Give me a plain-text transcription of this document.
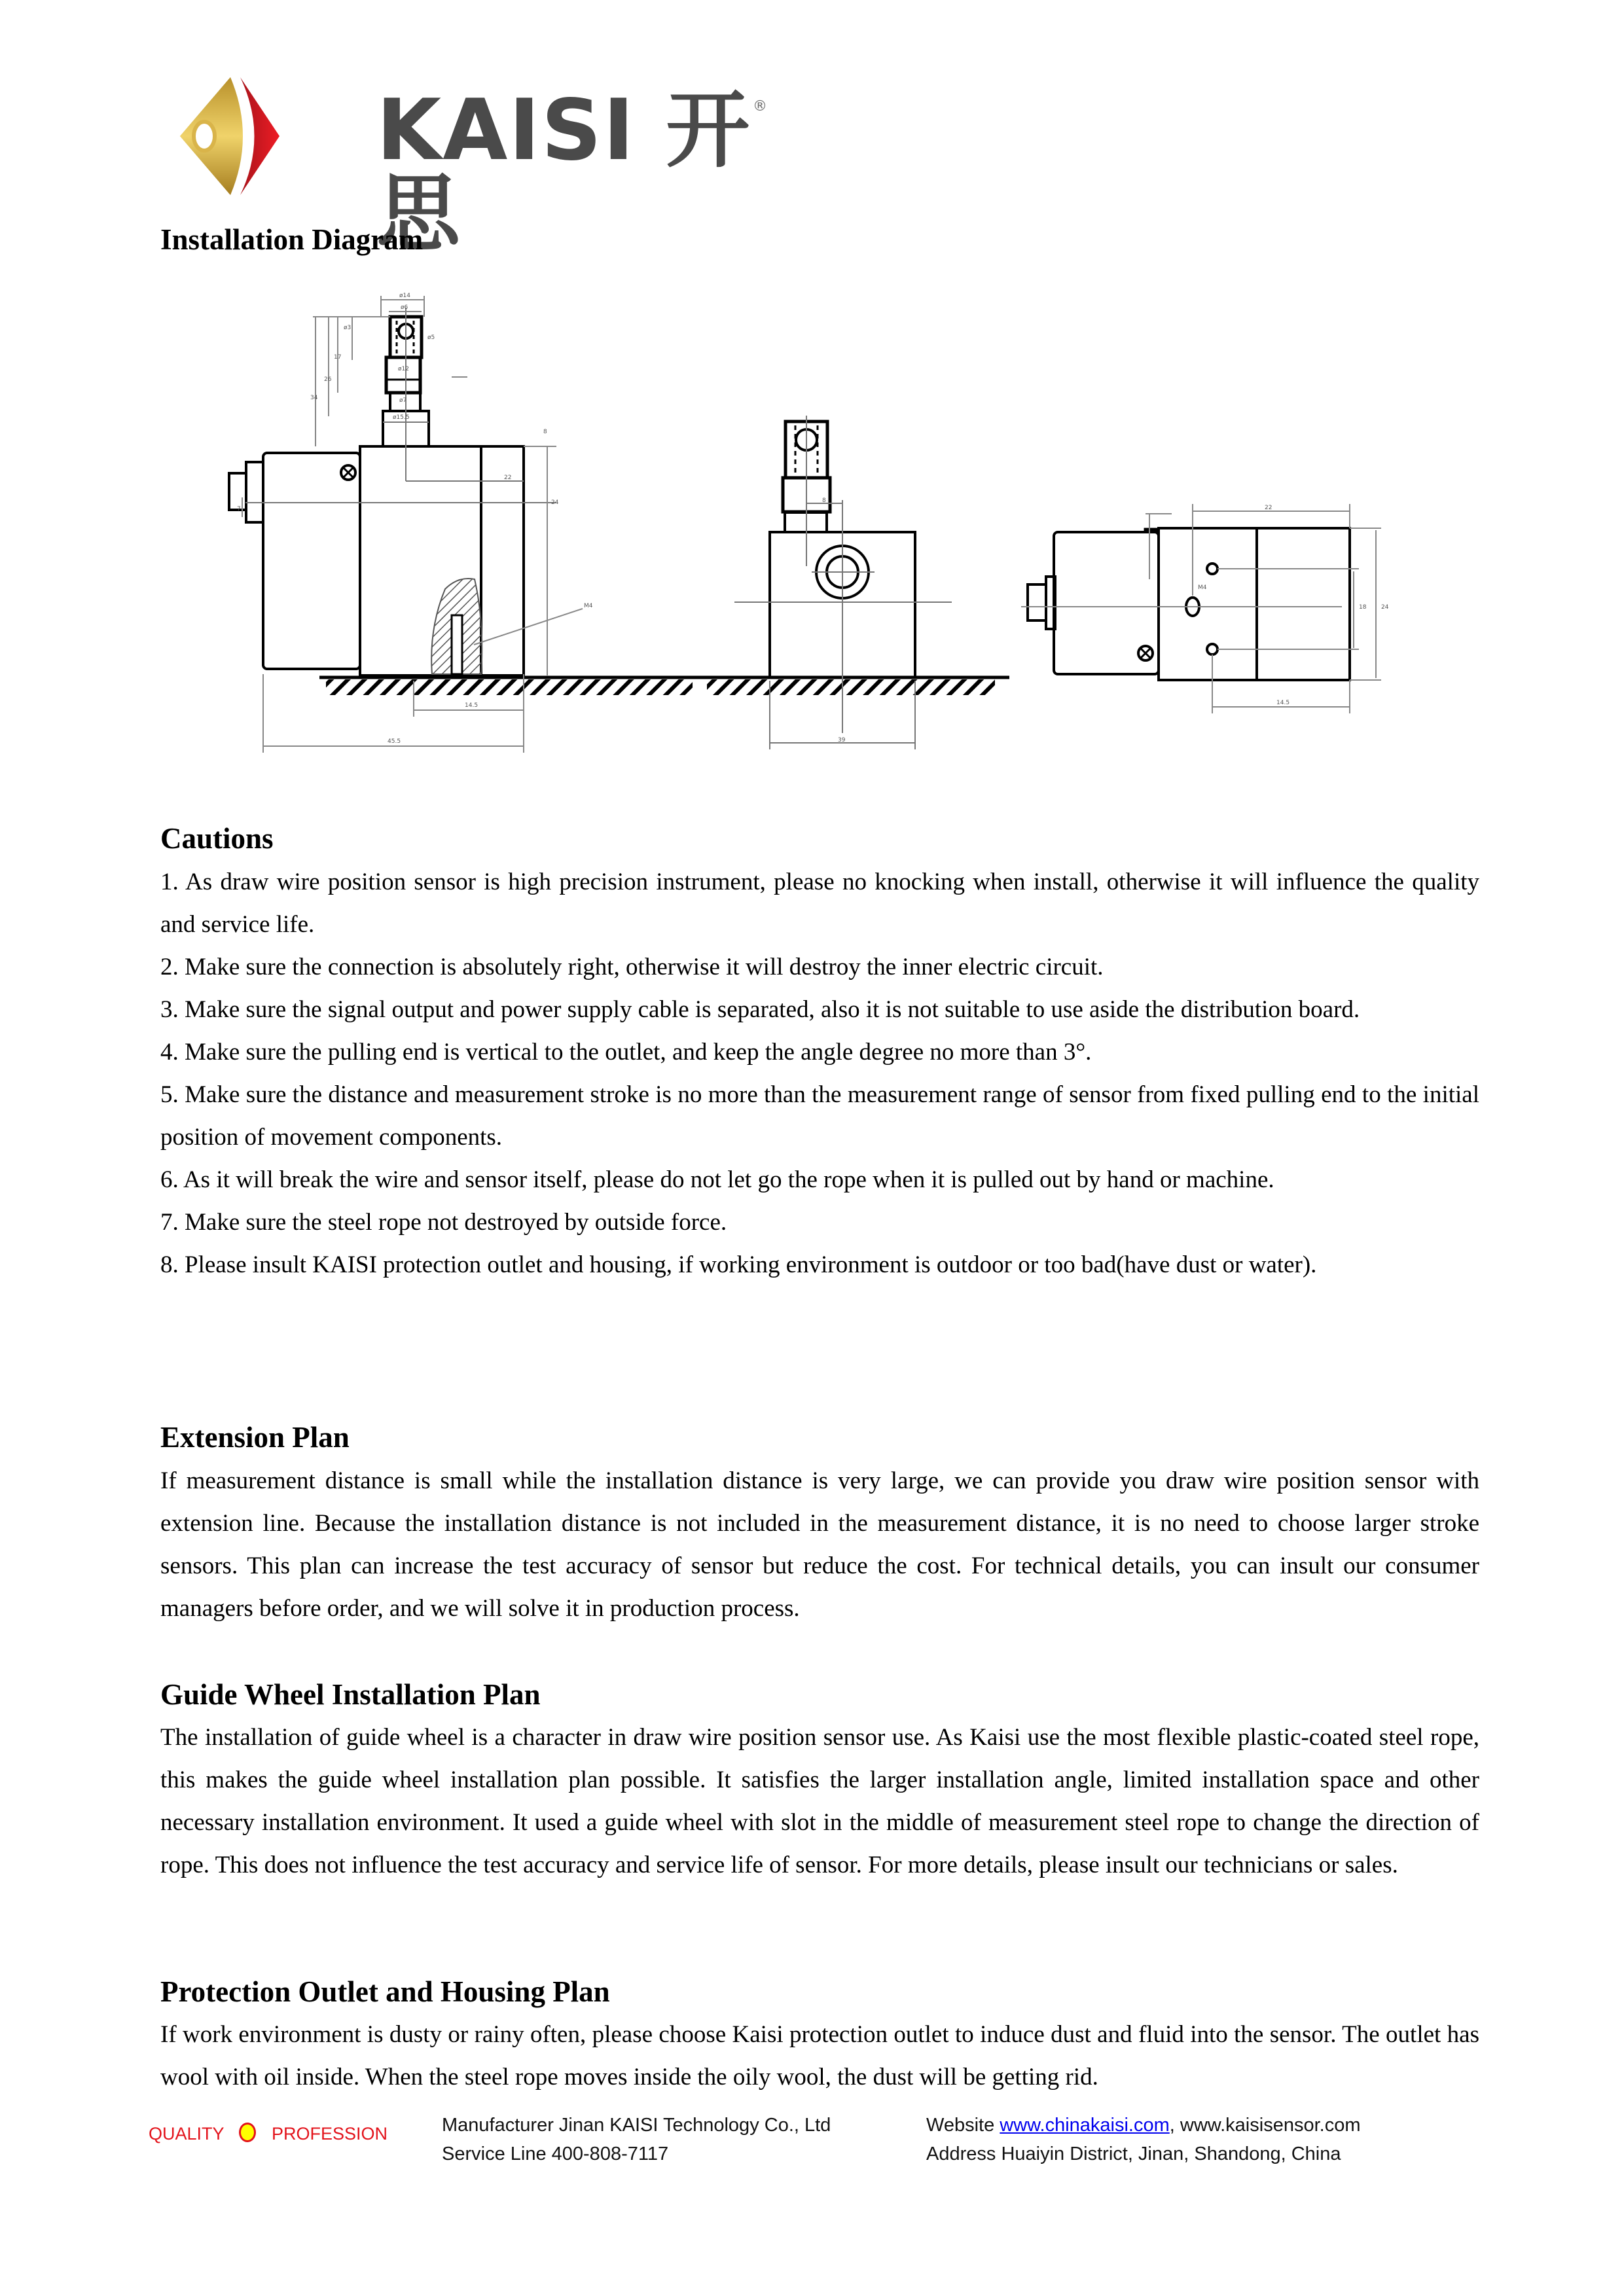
KAISI 开思
®
Installation Diagram
ø14
ø6
ø3
ø5
ø12
ø7
ø15.5
8
17
26
34
22
24
7
14.5
45.5
M4
8
39
M4
22
18	24
14.5
Cautions

1. As draw wire position sensor is high precision instrument, please no knocking when install, otherwise it will influence the quality and service life.

2. Make sure the connection is absolutely right, otherwise it will destroy the inner electric circuit.

3. Make sure the signal output and power supply cable is separated, also it is not suitable to use aside the distribution board.

4. Make sure the pulling end is vertical to the outlet, and keep the angle degree no more than 3°.

5. Make sure the distance and measurement stroke is no more than the measurement range of sensor from fixed pulling end to the initial position of movement components.

6. As it will break the wire and sensor itself, please do not let go the rope when it is pulled out by hand or machine.

7. Make sure the steel rope not destroyed by outside force.

8. Please insult KAISI protection outlet and housing, if working environment is outdoor or too bad(have dust or water).

Extension Plan

If measurement distance is small while the installation distance is very large, we can provide you draw wire position sensor with extension line. Because the installation distance is not included in the measurement distance, it is no need to choose larger stroke sensors. This plan can increase the test accuracy of sensor but reduce the cost. For technical details, you can insult our consumer managers before order, and we will solve it in production process.

Guide Wheel Installation Plan

The installation of guide wheel is a character in draw wire position sensor use. As Kaisi use the most flexible plastic-coated steel rope, this makes the guide wheel installation plan possible. It satisfies the larger installation angle, limited installation space and other necessary installation environment. It used a guide wheel with slot in the middle of measurement steel rope to change the direction of rope. This does not influence the test accuracy and service life of sensor. For more details, please insult our technicians or sales.

Protection Outlet and Housing Plan

If work environment is dusty or rainy often, please choose Kaisi protection outlet to induce dust and fluid into the sensor. The outlet has wool with oil inside. When the steel rope moves inside the oily wool, the dust will be getting rid.

QUALITY	PROFESSION	Manufacturer Jinan KAISI Technology Co., Ltd
Service Line 400-808-7117
Website www.chinakaisi.com, www.kaisisensor.com
Address Huaiyin District, Jinan, Shandong, China
